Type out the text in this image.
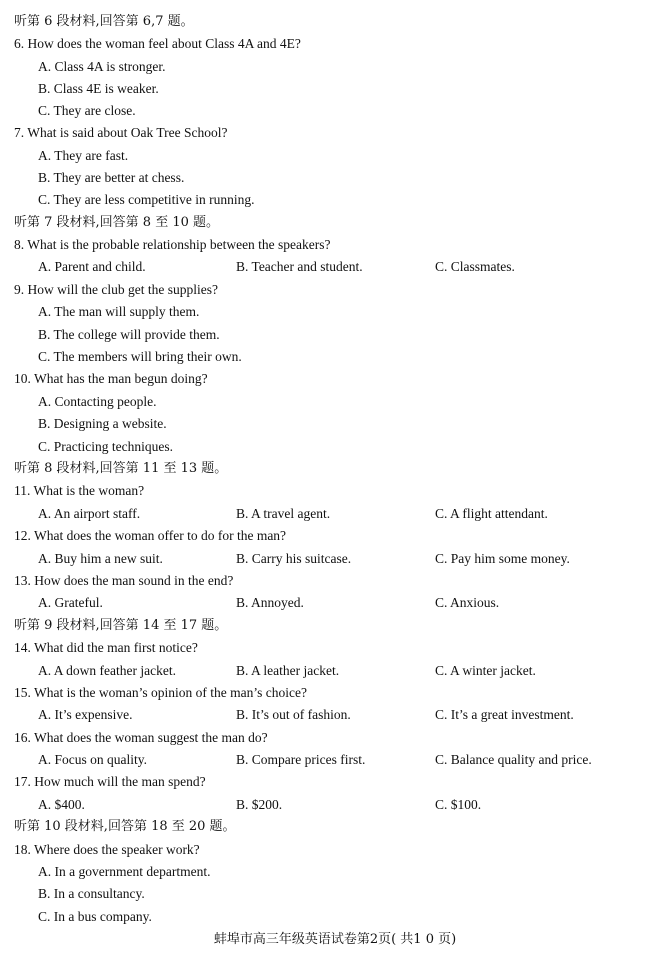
听第 6 段材料,回答第 6,7 题。
6. How does the woman feel about Class 4A and 4E?
A. Class 4A is stronger.
B. Class 4E is weaker.
C. They are close.
7. What is said about Oak Tree School?
A. They are fast.
B. They are better at chess.
C. They are less competitive in running.
听第 7 段材料,回答第 8 至 10 题。
8. What is the probable relationship between the speakers?
A. Parent and child.	B. Teacher and student.	C. Classmates.
9. How will the club get the supplies?
A. The man will supply them.
B. The college will provide them.
C. The members will bring their own.
10. What has the man begun doing?
A. Contacting people.
B. Designing a website.
C. Practicing techniques.
听第 8 段材料,回答第 11 至 13 题。
11. What is the woman?
A. An airport staff.	B. A travel agent.	C. A flight attendant.
12. What does the woman offer to do for the man?
A. Buy him a new suit.	B. Carry his suitcase.	C. Pay him some money.
13. How does the man sound in the end?
A. Grateful.	B. Annoyed.	C. Anxious.
听第 9 段材料,回答第 14 至 17 题。
14. What did the man first notice?
A. A down feather jacket.	B. A leather jacket.	C. A winter jacket.
15. What is the woman’s opinion of the man’s choice?
A. It’s expensive.	B. It’s out of fashion.	C. It’s a great investment.
16. What does the woman suggest the man do?
A. Focus on quality.	B. Compare prices first.	C. Balance quality and price.
17. How much will the man spend?
A. $400.	B. $200.	C. $100.
听第 10 段材料,回答第 18 至 20 题。
18. Where does the speaker work?
A. In a government department.
B. In a consultancy.
C. In a bus company.
蚌埠市高三年级英语试卷第2页( 共1 0 页)
